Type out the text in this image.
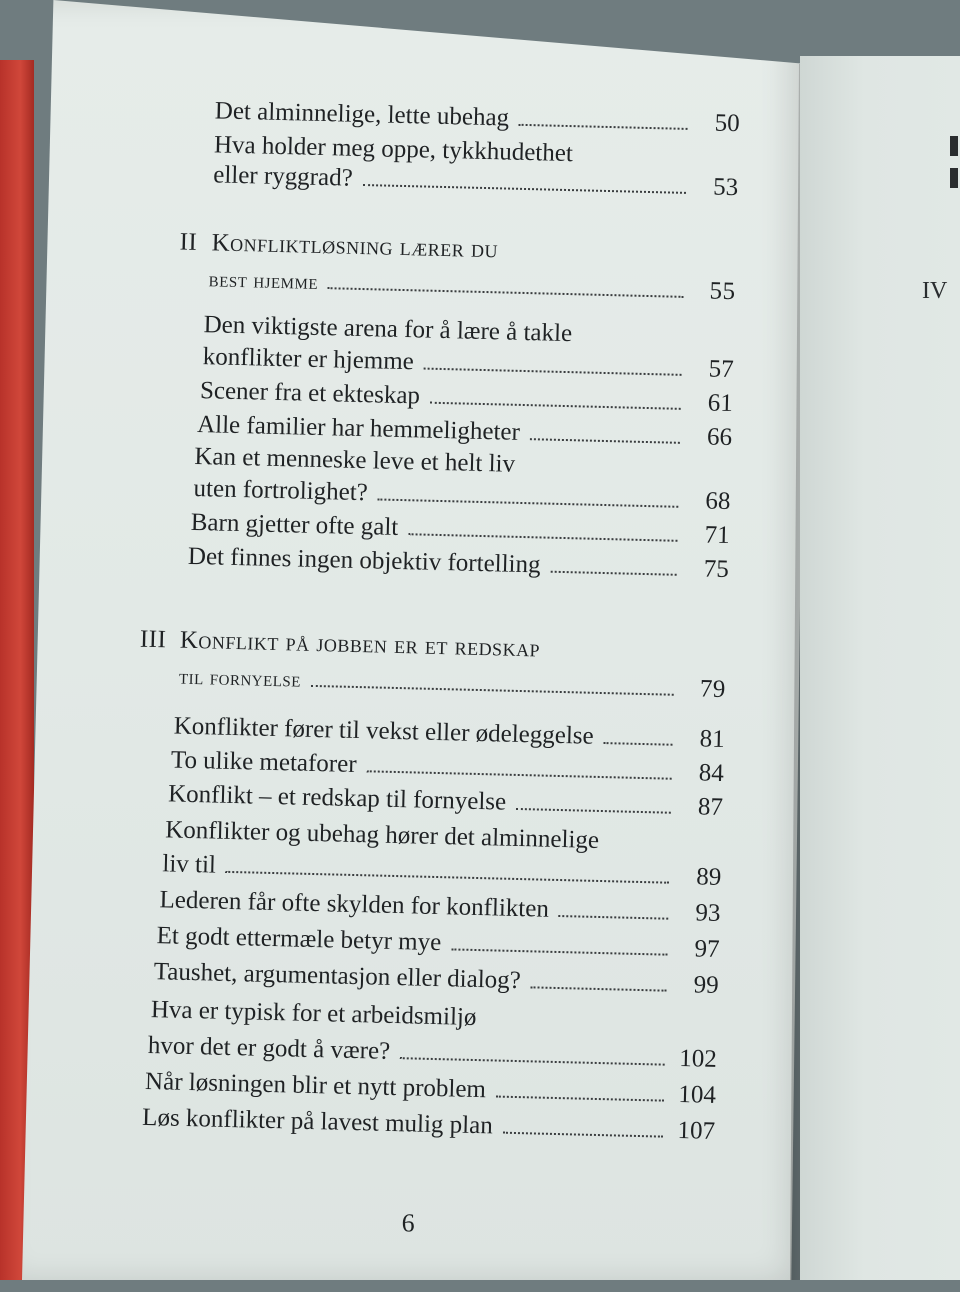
IV
Det alminnelige, lette ubehag	50
Hva holder meg oppe, tykkhudethet
eller ryggrad?	53
II Konfliktløsning lærer du
best hjemme	55
Den viktigste arena for å lære å takle
konflikter er hjemme	57
Scener fra et ekteskap	61
Alle familier har hemmeligheter	66
Kan et menneske leve et helt liv
uten fortrolighet?	68
Barn gjetter ofte galt	71
Det finnes ingen objektiv fortelling	75
III Konflikt på jobben er et redskap
til fornyelse	79
Konflikter fører til vekst eller ødeleggelse	81
To ulike metaforer	84
Konflikt – et redskap til fornyelse	87
Konflikter og ubehag hører det alminnelige
liv til	89
Lederen får ofte skylden for konflikten	93
Et godt ettermæle betyr mye	97
Taushet, argumentasjon eller dialog?	99
Hva er typisk for et arbeidsmiljø
hvor det er godt å være?	102
Når løsningen blir et nytt problem	104
Løs konflikter på lavest mulig plan	107
6
